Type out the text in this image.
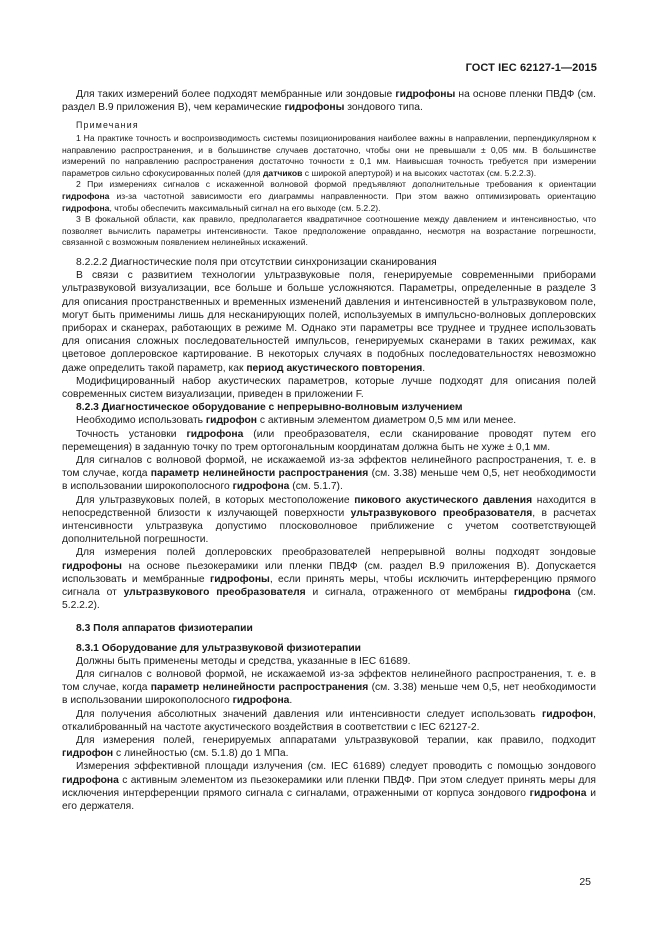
ГОСТ IEC 62127-1—2015

Для таких измерений более подходят мембранные или зондовые гидрофоны на основе пленки ПВДФ (см. раздел В.9 приложения В), чем керамические гидрофоны зондового типа.

Примечания

1 На практике точность и воспроизводимость системы позиционирования наиболее важны в направлении, перпендикулярном к направлению распространения, и в большинстве случаев достаточно, чтобы они не превышали ± 0,05 мм. В большинстве измерений по направлению распространения достаточно точности ± 0,1 мм. Наивысшая точность требуется при измерении параметров сильно сфокусированных полей (для датчиков с широкой апертурой) и на высоких частотах (см. 5.2.2.3).

2 При измерениях сигналов с искаженной волновой формой предъявляют дополнительные требования к ориентации гидрофона из-за частотной зависимости его диаграммы направленности. При этом важно оптимизировать ориентацию гидрофона, чтобы обеспечить максимальный сигнал на его выходе (см. 5.2.2).

3 В фокальной области, как правило, предполагается квадратичное соотношение между давлением и интенсивностью, что позволяет вычислить параметры интенсивности. Такое предположение оправданно, несмотря на возрастание погрешности, связанной с возможным появлением нелинейных искажений.

8.2.2.2 Диагностические поля при отсутствии синхронизации сканирования

В связи с развитием технологии ультразвуковые поля, генерируемые современными приборами ультразвуковой визуализации, все больше и больше усложняются. Параметры, определенные в разделе 3 для описания пространственных и временных изменений давления и интенсивностей в ультразвуковом поле, могут быть применимы лишь для несканирующих полей, используемых в импульсно-волновых доплеровских приборах и сканерах, работающих в режиме М. Однако эти параметры все труднее и труднее использовать для описания сложных последовательностей импульсов, генерируемых сканерами в таких режимах, как цветовое доплеровское картирование. В некоторых случаях в подобных последовательностях невозможно даже определить такой параметр, как период акустического повторения.

Модифицированный набор акустических параметров, которые лучше подходят для описания полей современных систем визуализации, приведен в приложении F.

8.2.3 Диагностическое оборудование с непрерывно-волновым излучением

Необходимо использовать гидрофон с активным элементом диаметром 0,5 мм или менее.

Точность установки гидрофона (или преобразователя, если сканирование проводят путем его перемещения) в заданную точку по трем ортогональным координатам должна быть не хуже ± 0,1 мм.

Для сигналов с волновой формой, не искажаемой из-за эффектов нелинейного распространения, т. е. в том случае, когда параметр нелинейности распространения (см. 3.38) меньше чем 0,5, нет необходимости в использовании широкополосного гидрофона (см. 5.1.7).

Для ультразвуковых полей, в которых местоположение пикового акустического давления находится в непосредственной близости к излучающей поверхности ультразвукового преобразователя, в расчетах интенсивности ультразвука допустимо плосковолновое приближение с учетом соответствующей дополнительной погрешности.

Для измерения полей доплеровских преобразователей непрерывной волны подходят зондовые гидрофоны на основе пьезокерамики или пленки ПВДФ (см. раздел В.9 приложения В). Допускается использовать и мембранные гидрофоны, если принять меры, чтобы исключить интерференцию прямого сигнала от ультразвукового преобразователя и сигнала, отраженного от мембраны гидрофона (см. 5.2.2.2).

8.3 Поля аппаратов физиотерапии

8.3.1 Оборудование для ультразвуковой физиотерапии

Должны быть применены методы и средства, указанные в IEC 61689.

Для сигналов с волновой формой, не искажаемой из-за эффектов нелинейного распространения, т. е. в том случае, когда параметр нелинейности распространения (см. 3.38) меньше чем 0,5, нет необходимости в использовании широкополосного гидрофона.

Для получения абсолютных значений давления или интенсивности следует использовать гидрофон, откалиброванный на частоте акустического воздействия в соответствии с IEC 62127-2.

Для измерения полей, генерируемых аппаратами ультразвуковой терапии, как правило, подходит гидрофон с линейностью (см. 5.1.8) до 1 МПа.

Измерения эффективной площади излучения (см. IEC 61689) следует проводить с помощью зондового гидрофона с активным элементом из пьезокерамики или пленки ПВДФ. При этом следует принять меры для исключения интерференции прямого сигнала с сигналами, отраженными от корпуса зондового гидрофона и его держателя.

25
